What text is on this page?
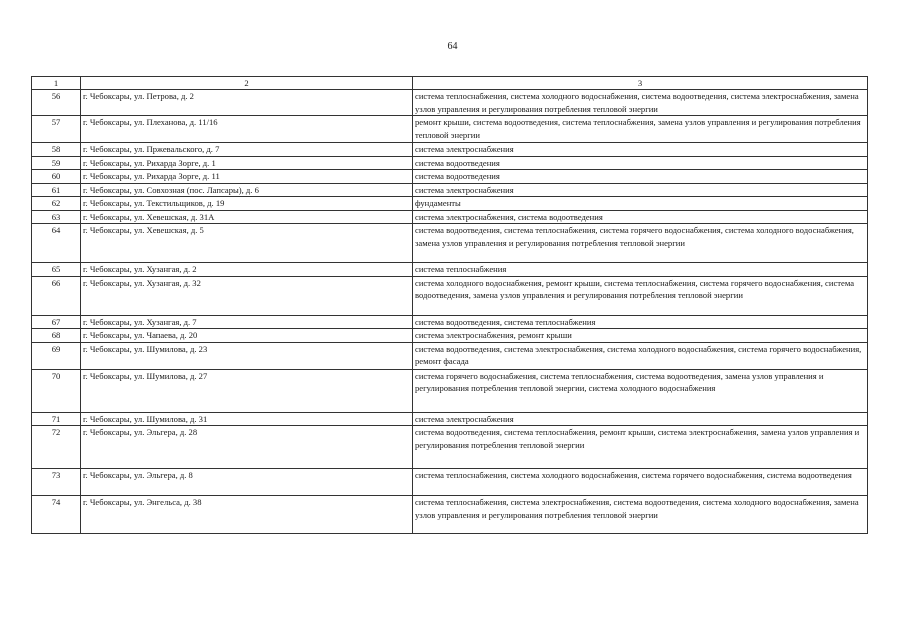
64
1	2	3
56	г. Чебоксары, ул. Петрова, д. 2	система теплоснабжения, система холодного водоснабжения, система водоотведения, система электроснабжения, замена узлов управления и регулирования потребления тепловой энергии
57	г. Чебоксары, ул. Плеханова, д. 11/16	ремонт крыши, система водоотведения, система теплоснабжения, замена узлов управления и регулирования потребления тепловой энергии
58	г. Чебоксары, ул. Пржевальского, д. 7	система электроснабжения
59	г. Чебоксары, ул. Рихарда Зорге, д. 1	система водоотведения
60	г. Чебоксары, ул. Рихарда Зорге, д. 11	система водоотведения
61	г. Чебоксары, ул. Совхозная (пос. Лапсары), д. 6	система электроснабжения
62	г. Чебоксары, ул. Текстильщиков, д. 19	фундаменты
63	г. Чебоксары, ул. Хевешская, д. 31А	система электроснабжения, система водоотведения
64	г. Чебоксары, ул. Хевешская, д. 5	система водоотведения, система теплоснабжения, система горячего водоснабжения, система холодного водоснабжения, замена узлов управления и регулирования потребления тепловой энергии
65	г. Чебоксары, ул. Хузангая, д. 2	система теплоснабжения
66	г. Чебоксары, ул. Хузангая, д. 32	система холодного водоснабжения, ремонт крыши, система теплоснабжения, система горячего водоснабжения, система водоотведения, замена узлов управления и регулирования потребления тепловой энергии
67	г. Чебоксары, ул. Хузангая, д. 7	система водоотведения, система теплоснабжения
68	г. Чебоксары, ул. Чапаева, д. 20	система электроснабжения, ремонт крыши
69	г. Чебоксары, ул. Шумилова, д. 23	система водоотведения, система электроснабжения, система холодного водоснабжения, система горячего водоснабжения, ремонт фасада
70	г. Чебоксары, ул. Шумилова, д. 27	система горячего водоснабжения, система теплоснабжения, система водоотведения, замена узлов управления и регулирования потребления тепловой энергии, система холодного водоснабжения
71	г. Чебоксары, ул. Шумилова, д. 31	система электроснабжения
72	г. Чебоксары, ул. Эльгера, д. 28	система водоотведения, система теплоснабжения, ремонт крыши, система электроснабжения, замена узлов управления и регулирования потребления тепловой энергии
73	г. Чебоксары, ул. Эльгера, д. 8	система теплоснабжения, система холодного водоснабжения, система горячего водоснабжения, система водоотведения
74	г. Чебоксары, ул. Энгельса, д. 38	система теплоснабжения, система электроснабжения, система водоотведения, система холодного водоснабжения, замена узлов управления и регулирования потребления тепловой энергии
